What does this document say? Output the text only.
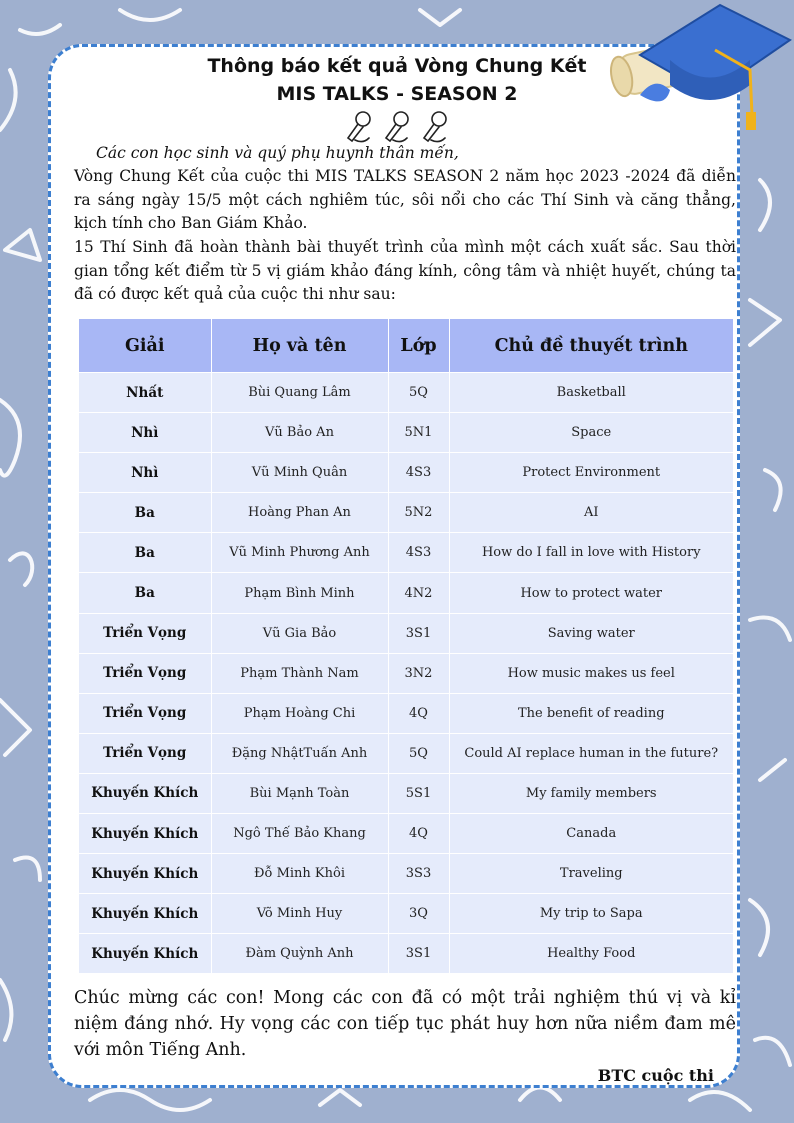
Thông báo kết quả Vòng Chung Kết
MIS TALKS - SEASON 2
Các con học sinh và quý phụ huynh thân mến,

Vòng Chung Kết của cuộc thi MIS TALKS SEASON 2 năm học 2023 -2024 đã diễn ra sáng ngày 15/5 một cách nghiêm túc, sôi nổi cho các Thí Sinh và căng thẳng, kịch tính cho Ban Giám Khảo.

15 Thí Sinh đã hoàn thành bài thuyết trình của mình một cách xuất sắc. Sau thời gian tổng kết điểm từ 5 vị giám khảo đáng kính, công tâm và nhiệt huyết, chúng ta đã có được kết quả của cuộc thi như sau:

Giải	Họ và tên	Lớp	Chủ đề thuyết trình
Nhất	Bùi Quang Lâm	5Q	Basketball
Nhì	Vũ Bảo An	5N1	Space
Nhì	Vũ Minh Quân	4S3	Protect Environment
Ba	Hoàng Phan An	5N2	AI
Ba	Vũ Minh Phương Anh	4S3	How do I fall in love with History
Ba	Phạm Bình Minh	4N2	How to protect water
Triển Vọng	Vũ Gia Bảo	3S1	Saving water
Triển Vọng	Phạm Thành Nam	3N2	How music makes us feel
Triển Vọng	Phạm Hoàng Chi	4Q	The benefit of reading
Triển Vọng	Đặng NhậtTuấn Anh	5Q	Could AI replace human in the future?
Khuyến Khích	Bùi Mạnh Toàn	5S1	My family members
Khuyến Khích	Ngô Thế Bảo Khang	4Q	Canada
Khuyến Khích	Đỗ Minh Khôi	3S3	Traveling
Khuyến Khích	Võ Minh Huy	3Q	My trip to Sapa
Khuyến Khích	Đàm Quỳnh Anh	3S1	Healthy Food

Chúc mừng các con! Mong các con đã có một trải nghiệm thú vị và kỉ niệm đáng nhớ. Hy vọng các con tiếp tục phát huy hơn nữa niềm đam mê với môn Tiếng Anh.

BTC cuộc thi
